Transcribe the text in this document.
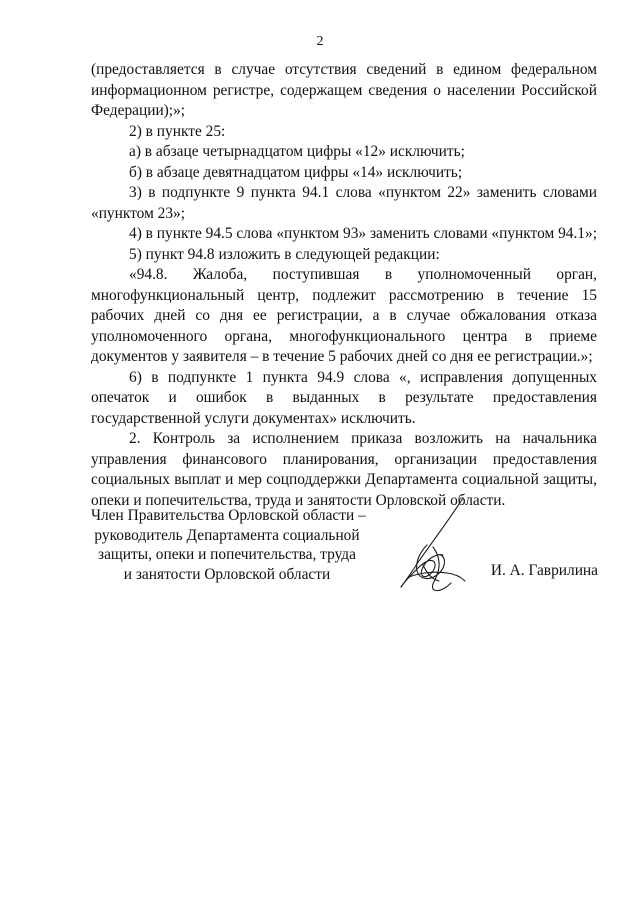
2

(предоставляется в случае отсутствия сведений в едином федеральном информационном регистре, содержащем сведения о населении Российской Федерации);»;

2) в пункте 25:

а) в абзаце четырнадцатом цифры «12» исключить;

б) в абзаце девятнадцатом цифры «14» исключить;

3) в подпункте 9 пункта 94.1 слова «пунктом 22» заменить словами «пунктом 23»;

4) в пункте 94.5 слова «пунктом 93» заменить словами «пунктом 94.1»;

5) пункт 94.8 изложить в следующей редакции:

«94.8. Жалоба, поступившая в уполномоченный орган, многофункциональный центр, подлежит рассмотрению в течение 15 рабочих дней со дня ее регистрации, а в случае обжалования отказа уполномоченного органа, многофункционального центра в приеме документов у заявителя – в течение 5 рабочих дней со дня ее регистрации.»;

6) в подпункте 1 пункта 94.9 слова «, исправления допущенных опечаток и ошибок в выданных в результате предоставления государственной услуги документах» исключить.

2. Контроль за исполнением приказа возложить на начальника управления финансового планирования, организации предоставления социальных выплат и мер соцподдержки Департамента социальной защиты, опеки и попечительства, труда и занятости Орловской области.

Член Правительства Орловской области –
руководитель Департамента социальной
защиты, опеки и попечительства, труда
и занятости Орловской области	И. А. Гаврилина
